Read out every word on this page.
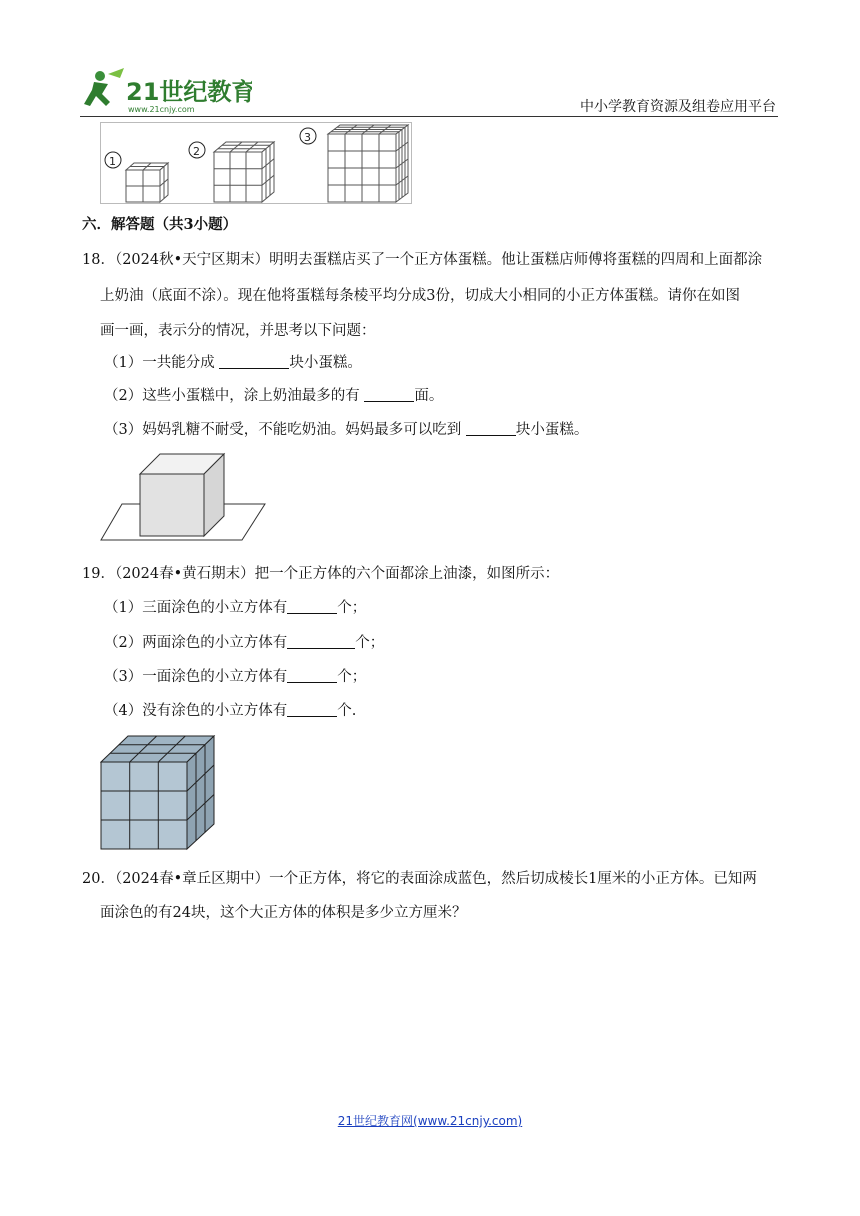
21世纪教育
www.21cnjy.com	中小学教育资源及组卷应用平台
1
2
3
六．解答题（共3小题）
18．（2024秋•天宁区期末）明明去蛋糕店买了一个正方体蛋糕。他让蛋糕店师傅将蛋糕的四周和上面都涂
上奶油（底面不涂）。现在他将蛋糕每条棱平均分成3份，切成大小相同的小正方体蛋糕。请你在如图
画一画，表示分的情况，并思考以下问题：
（1）一共能分成	块小蛋糕。
（2）这些小蛋糕中，涂上奶油最多的有	面。
（3）妈妈乳糖不耐受，不能吃奶油。妈妈最多可以吃到	块小蛋糕。
19．（2024春•黄石期末）把一个正方体的六个面都涂上油漆，如图所示：
（1）三面涂色的小立方体有	个；
（2）两面涂色的小立方体有	个；
（3）一面涂色的小立方体有	个；
（4）没有涂色的小立方体有	个.
20．（2024春•章丘区期中）一个正方体，将它的表面涂成蓝色，然后切成棱长1厘米的小正方体。已知两
面涂色的有24块，这个大正方体的体积是多少立方厘米？
21世纪教育网(www.21cnjy.com)
